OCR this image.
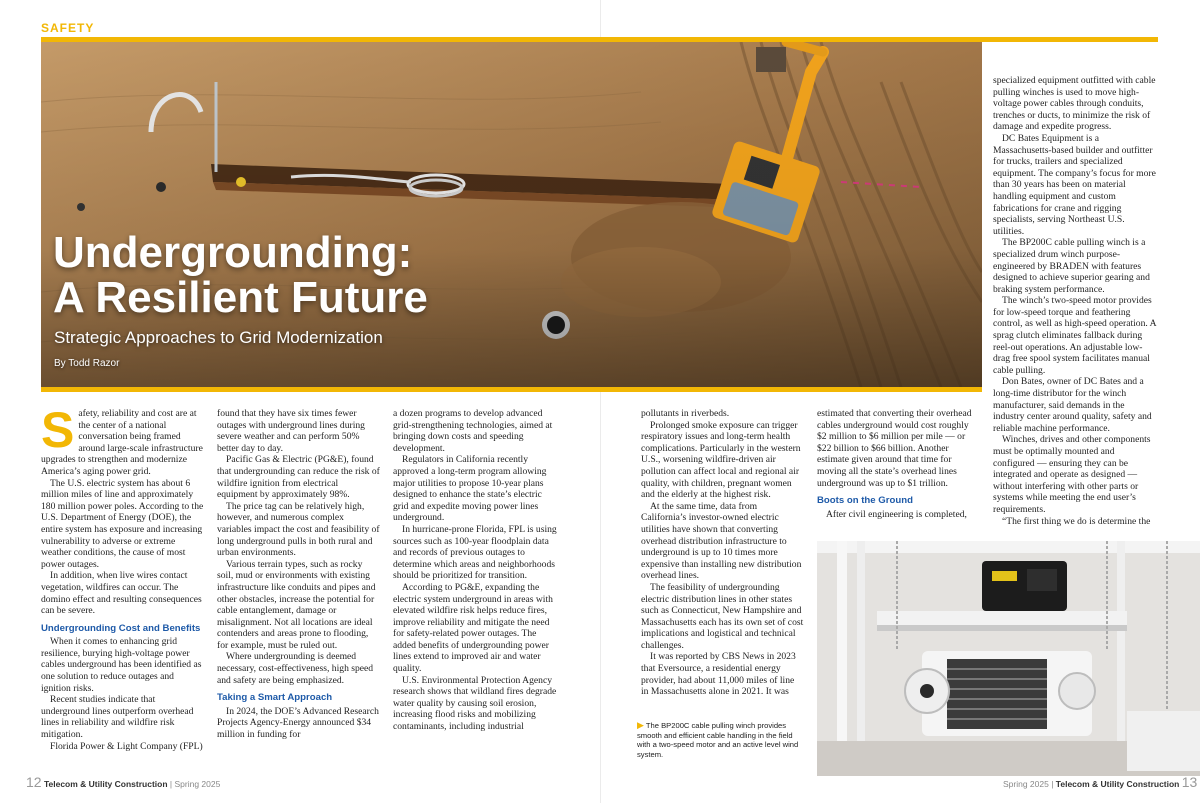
SAFETY
Undergrounding:
A Resilient Future
Strategic Approaches to Grid Modernization
By Todd Razor
S afety, reliability and cost are at the center of a national conversation being framed around large-scale infrastructure upgrades to strengthen and modernize America’s aging power grid.

The U.S. electric system has about 6 million miles of line and approximately 180 million power poles. According to the U.S. Department of Energy (DOE), the entire system has exposure and increasing vulnerability to adverse or extreme weather conditions, the cause of most power outages.

In addition, when live wires contact vegetation, wildfires can occur. The domino effect and resulting consequences can be severe.

Undergrounding Cost and Benefits

When it comes to enhancing grid resilience, burying high-voltage power cables underground has been identified as one solution to reduce outages and ignition risks.

Recent studies indicate that underground lines outperform overhead lines in reliability and wildfire risk mitigation.

Florida Power & Light Company (FPL)

found that they have six times fewer outages with underground lines during severe weather and can perform 50% better day to day.

Pacific Gas & Electric (PG&E), found that undergrounding can reduce the risk of wildfire ignition from electrical equipment by approximately 98%.

The price tag can be relatively high, however, and numerous complex variables impact the cost and feasibility of long underground pulls in both rural and urban environments.

Various terrain types, such as rocky soil, mud or environments with existing infrastructure like conduits and pipes and other obstacles, increase the potential for cable entanglement, damage or misalignment. Not all locations are ideal contenders and areas prone to flooding, for example, must be ruled out.

Where undergrounding is deemed necessary, cost-effectiveness, high speed and safety are being emphasized.

Taking a Smart Approach

In 2024, the DOE’s Advanced Research Projects Agency-Energy announced $34 million in funding for

a dozen programs to develop advanced grid-strengthening technologies, aimed at bringing down costs and speeding development.

Regulators in California recently approved a long-term program allowing major utilities to propose 10-year plans designed to enhance the state’s electric grid and expedite moving power lines underground.

In hurricane-prone Florida, FPL is using sources such as 100-year floodplain data and records of previous outages to determine which areas and neighborhoods should be prioritized for transition.

According to PG&E, expanding the electric system underground in areas with elevated wildfire risk helps reduce fires, improve reliability and mitigate the need for safety-related power outages. The added benefits of undergrounding power lines extend to improved air and water quality.

U.S. Environmental Protection Agency research shows that wildland fires degrade water quality by causing soil erosion, increasing flood risks and mobilizing contaminants, including industrial

pollutants in riverbeds.

Prolonged smoke exposure can trigger respiratory issues and long-term health complications. Particularly in the western U.S., worsening wildfire-driven air pollution can affect local and regional air quality, with children, pregnant women and the elderly at the highest risk.

At the same time, data from California’s investor-owned electric utilities have shown that converting overhead distribution infrastructure to underground is up to 10 times more expensive than installing new distribution overhead lines.

The feasibility of undergrounding electric distribution lines in other states such as Connecticut, New Hampshire and Massachusetts each has its own set of cost implications and logistical and technical challenges.

It was reported by CBS News in 2023 that Eversource, a residential energy provider, had about 11,000 miles of line in Massachusetts alone in 2021. It was

estimated that converting their overhead cables underground would cost roughly $2 million to $6 million per mile — or $22 billion to $66 billion. Another estimate given around that time for moving all the state’s overhead lines underground was up to $1 trillion.

Boots on the Ground

After civil engineering is completed,

specialized equipment outfitted with cable pulling winches is used to move high-voltage power cables through conduits, trenches or ducts, to minimize the risk of damage and expedite progress.

DC Bates Equipment is a Massachusetts-based builder and outfitter for trucks, trailers and specialized equipment. The company’s focus for more than 30 years has been on material handling equipment and custom fabrications for crane and rigging specialists, serving Northeast U.S. utilities.

The BP200C cable pulling winch is a specialized drum winch purpose-engineered by BRADEN with features designed to achieve superior gearing and braking system performance.

The winch’s two-speed motor provides for low-speed torque and feathering control, as well as high-speed operation. A sprag clutch eliminates fallback during reel-out operations. An adjustable low-drag free spool system facilitates manual cable pulling.

Don Bates, owner of DC Bates and a long-time distributor for the winch manufacturer, said demands in the industry center around quality, safety and reliable machine performance.

Winches, drives and other components must be optimally mounted and configured — ensuring they can be integrated and operate as designed — without interfering with other parts or systems while meeting the end user’s requirements.

“The first thing we do is determine the

▶ The BP200C cable pulling winch provides smooth and efficient cable handling in the field with a two-speed motor and an active level wind system.
12 Telecom & Utility Construction | Spring 2025	Spring 2025 | Telecom & Utility Construction 13
